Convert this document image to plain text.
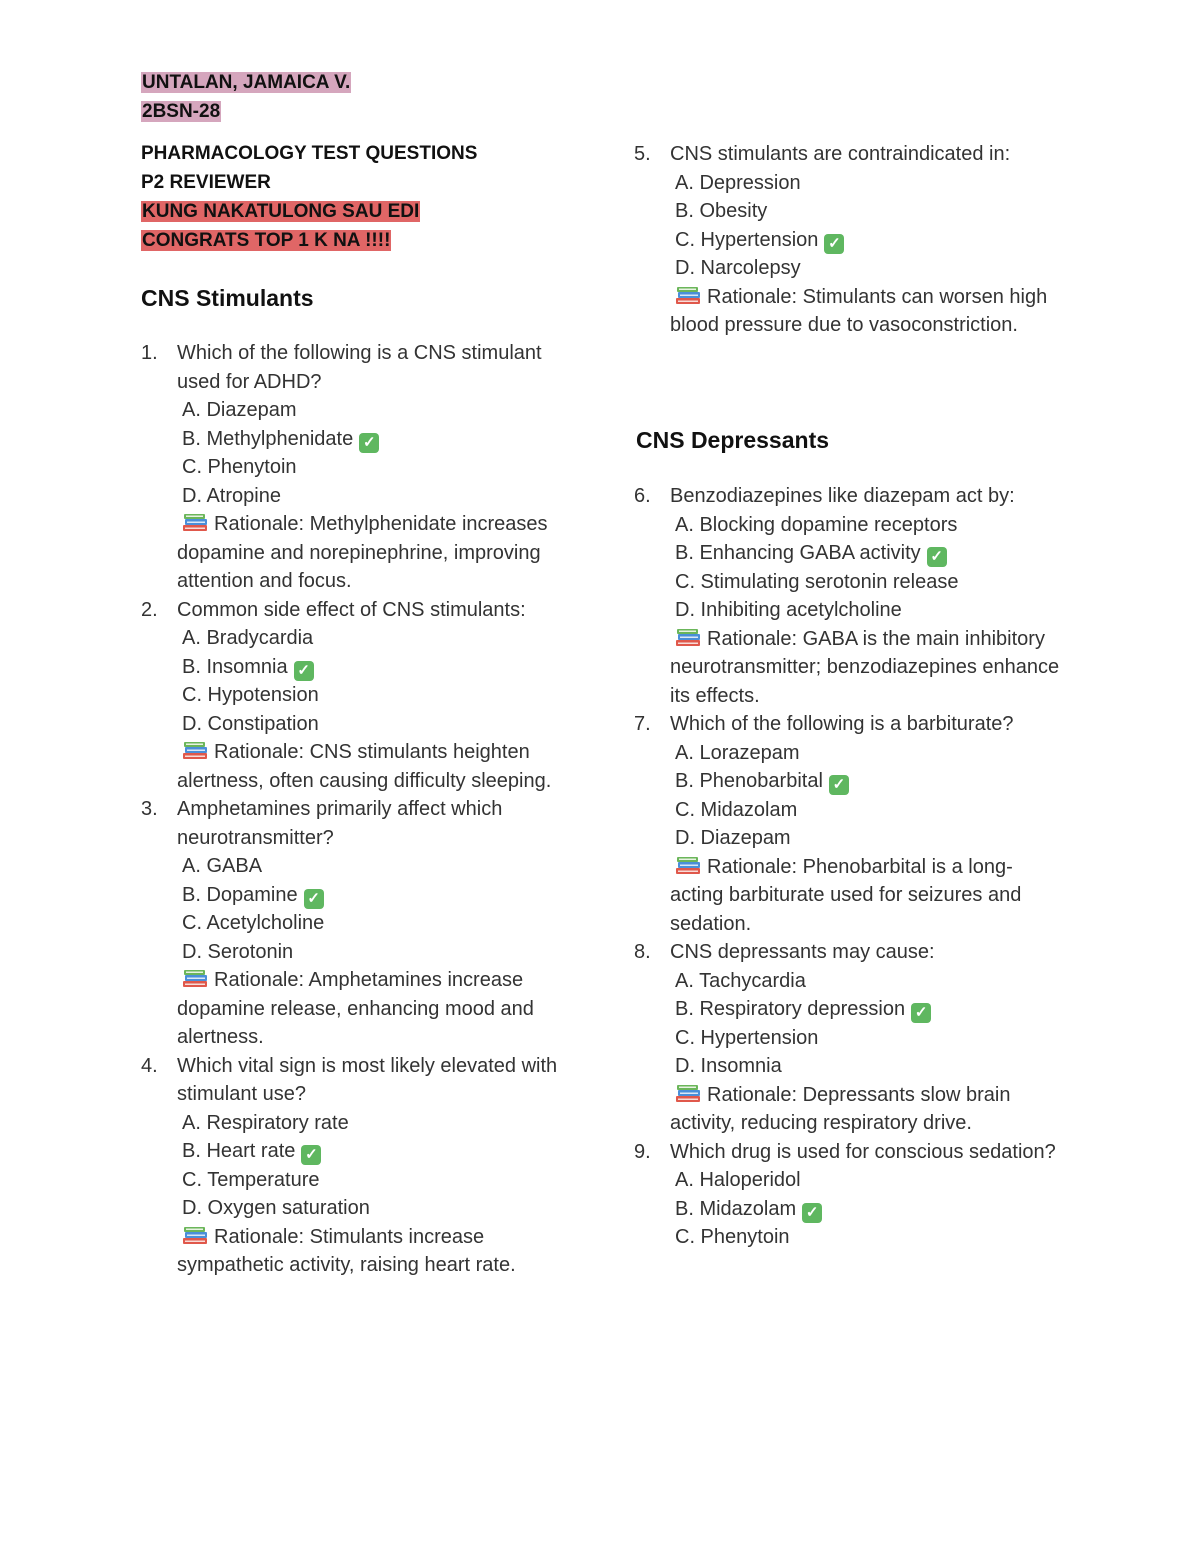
UNTALAN, JAMAICA V.
2BSN-28
PHARMACOLOGY TEST QUESTIONS
P2 REVIEWER
KUNG NAKATULONG SAU EDI
CONGRATS TOP 1 K NA !!!!
CNS Stimulants
1. Which of the following is a CNS stimulant used for ADHD?
A. Diazepam
B. Methylphenidate ✓
C. Phenytoin
D. Atropine
Rationale: Methylphenidate increases dopamine and norepinephrine, improving attention and focus.
2. Common side effect of CNS stimulants:
A. Bradycardia
B. Insomnia ✓
C. Hypotension
D. Constipation
Rationale: CNS stimulants heighten alertness, often causing difficulty sleeping.
3. Amphetamines primarily affect which neurotransmitter?
A. GABA
B. Dopamine ✓
C. Acetylcholine
D. Serotonin
Rationale: Amphetamines increase dopamine release, enhancing mood and alertness.
4. Which vital sign is most likely elevated with stimulant use?
A. Respiratory rate
B. Heart rate ✓
C. Temperature
D. Oxygen saturation
Rationale: Stimulants increase sympathetic activity, raising heart rate.
5. CNS stimulants are contraindicated in:
A. Depression
B. Obesity
C. Hypertension ✓
D. Narcolepsy
Rationale: Stimulants can worsen high blood pressure due to vasoconstriction.
CNS Depressants
6. Benzodiazepines like diazepam act by:
A. Blocking dopamine receptors
B. Enhancing GABA activity ✓
C. Stimulating serotonin release
D. Inhibiting acetylcholine
Rationale: GABA is the main inhibitory neurotransmitter; benzodiazepines enhance its effects.
7. Which of the following is a barbiturate?
A. Lorazepam
B. Phenobarbital ✓
C. Midazolam
D. Diazepam
Rationale: Phenobarbital is a long-acting barbiturate used for seizures and sedation.
8. CNS depressants may cause:
A. Tachycardia
B. Respiratory depression ✓
C. Hypertension
D. Insomnia
Rationale: Depressants slow brain activity, reducing respiratory drive.
9. Which drug is used for conscious sedation?
A. Haloperidol
B. Midazolam ✓
C. Phenytoin
